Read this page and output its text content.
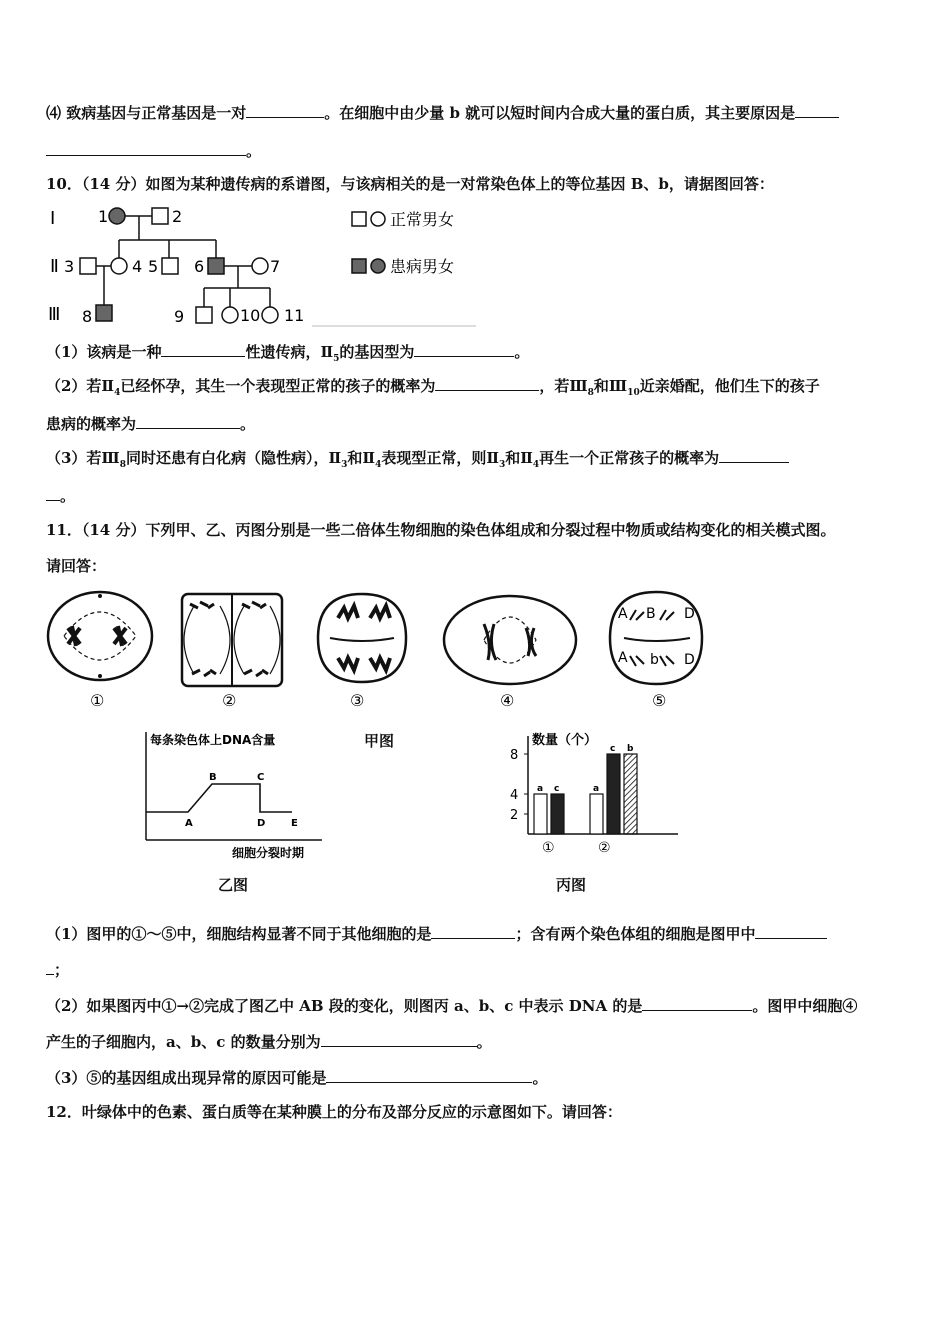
⑷ 致病基因与正常基因是一对	。在细胞中由少量 b 就可以短时间内合成大量的蛋白质，其主要原因是
。
10．（14 分）如图为某种遗传病的系谱图，与该病相关的是一对常染色体上的等位基因 B、b，请据图回答：
Ⅰ
Ⅱ
Ⅲ
1	2
3	4 5 6	7
8	9	10 11
正常男女
患病男女
（1）该病是一种	性遗传病，$Ⅱ_5$的基因型为	。
（2）若$Ⅱ_4$已经怀孕，其生一个表现型正常的孩子的概率为	，若$Ⅲ_8$和$Ⅲ_{10}$近亲婚配，他们生下的孩子
患病的概率为	。
（3）若$Ⅲ_8$同时还患有白化病（隐性病），$Ⅱ_3$和$Ⅱ_4$表现型正常，则$Ⅱ_3$和$Ⅱ_4$再生一个正常孩子的概率为
。
11．（14 分）下列甲、乙、丙图分别是一些二倍体生物细胞的染色体组成和分裂过程中物质或结构变化的相关模式图。
请回答：
①	②	③	④
A B D
A b D
⑤
甲图
每条染色体上DNA含量
细胞分裂时期
A
B	C
D	E
乙图
数量（个）
2
4
8
a c	a
c b
①	②
丙图
（1）图甲的①～⑤中，细胞结构显著不同于其他细胞的是	；含有两个染色体组的细胞是图甲中
；
（2）如果图丙中①→②完成了图乙中 AB 段的变化，则图丙 a、b、c 中表示 DNA 的是	。图甲中细胞④
产生的子细胞内，a、b、c 的数量分别为	。
（3）⑤的基因组成出现异常的原因可能是	。
12．叶绿体中的色素、蛋白质等在某种膜上的分布及部分反应的示意图如下。请回答：
